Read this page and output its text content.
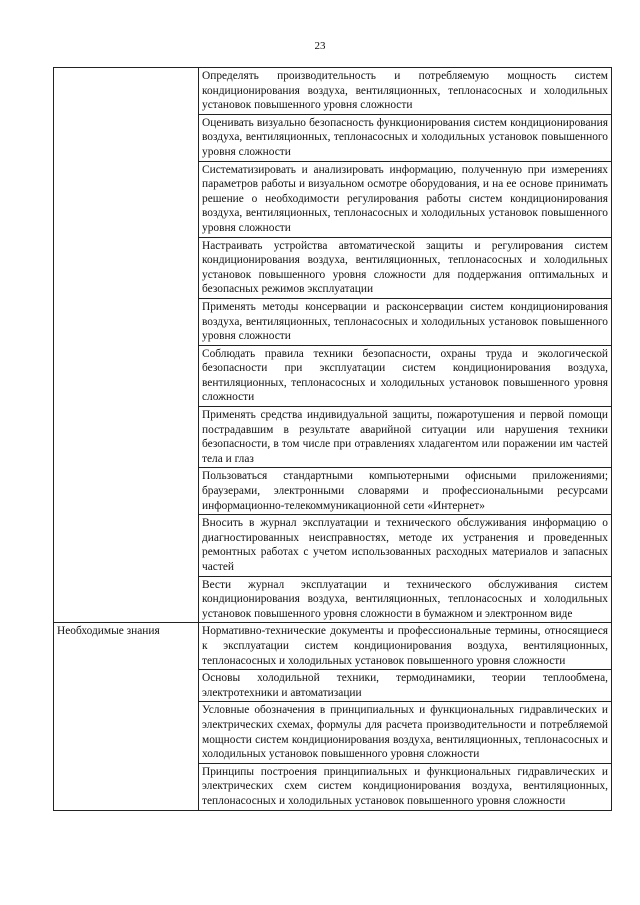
23
	Определять производительность и потребляемую мощность систем кондиционирования воздуха, вентиляционных, теплонасосных и холодильных установок повышенного уровня сложности
	Оценивать визуально безопасность функционирования систем кондиционирования воздуха, вентиляционных, теплонасосных и холодильных установок повышенного уровня сложности
	Систематизировать и анализировать информацию, полученную при измерениях параметров работы и визуальном осмотре оборудования, и на ее основе принимать решение о необходимости регулирования работы систем кондиционирования воздуха, вентиляционных, теплонасосных и холодильных установок повышенного уровня сложности
	Настраивать устройства автоматической защиты и регулирования систем кондиционирования воздуха, вентиляционных, теплонасосных и холодильных установок повышенного уровня сложности для поддержания оптимальных и безопасных режимов эксплуатации
	Применять методы консервации и расконсервации систем кондиционирования воздуха, вентиляционных, теплонасосных и холодильных установок повышенного уровня сложности
	Соблюдать правила техники безопасности, охраны труда и экологической безопасности при эксплуатации систем кондиционирования воздуха, вентиляционных, теплонасосных и холодильных установок повышенного уровня сложности
	Применять средства индивидуальной защиты, пожаротушения и первой помощи пострадавшим в результате аварийной ситуации или нарушения техники безопасности, в том числе при отравлениях хладагентом или поражении им частей тела и глаз
	Пользоваться стандартными компьютерными офисными приложениями; браузерами, электронными словарями и профессиональными ресурсами информационно-телекоммуникационной сети «Интернет»
	Вносить в журнал эксплуатации и технического обслуживания информацию о диагностированных неисправностях, методе их устранения и проведенных ремонтных работах с учетом использованных расходных материалов и запасных частей
	Вести журнал эксплуатации и технического обслуживания систем кондиционирования воздуха, вентиляционных, теплонасосных и холодильных установок повышенного уровня сложности в бумажном и электронном виде
Необходимые знания	Нормативно-технические документы и профессиональные термины, относящиеся к эксплуатации систем кондиционирования воздуха, вентиляционных, теплонасосных и холодильных установок повышенного уровня сложности
	Основы холодильной техники, термодинамики, теории теплообмена, электротехники и автоматизации
	Условные обозначения в принципиальных и функциональных гидравлических и электрических схемах, формулы для расчета производительности и потребляемой мощности систем кондиционирования воздуха, вентиляционных, теплонасосных и холодильных установок повышенного уровня сложности
	Принципы построения принципиальных и функциональных гидравлических и электрических схем систем кондиционирования воздуха, вентиляционных, теплонасосных и холодильных установок повышенного уровня сложности
